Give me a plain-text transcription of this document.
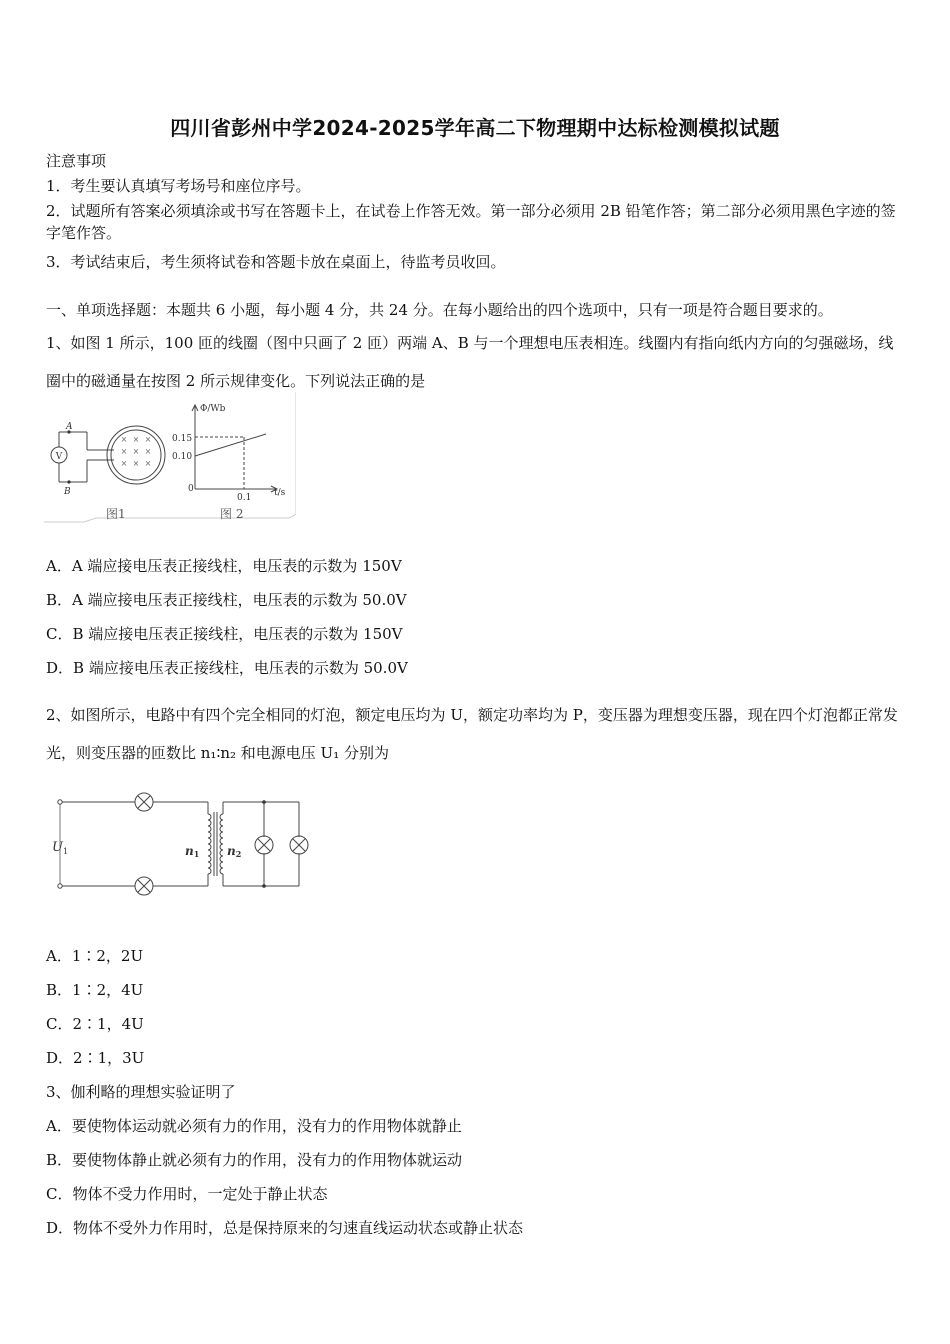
四川省彭州中学2024-2025学年高二下物理期中达标检测模拟试题
注意事项
1．考生要认真填写考场号和座位序号。
2．试题所有答案必须填涂或书写在答题卡上，在试卷上作答无效。第一部分必须用 2B 铅笔作答；第二部分必须用黑色字迹的签字笔作答。
3．考试结束后，考生须将试卷和答题卡放在桌面上，待监考员收回。
一、单项选择题：本题共 6 小题，每小题 4 分，共 24 分。在每小题给出的四个选项中，只有一项是符合题目要求的。
1、如图 1 所示，100 匝的线圈（图中只画了 2 匝）两端 A、B 与一个理想电压表相连。线圈内有指向纸内方向的匀强磁场，线圈中的磁通量在按图 2 所示规律变化。下列说法正确的是
× × ×
× × ×
× × ×
A
B
V
Φ/Wb
t/s
0.15
0.10
0.1
0
图1	图 2
A．A 端应接电压表正接线柱，电压表的示数为 150V
B．A 端应接电压表正接线柱，电压表的示数为 50.0V
C．B 端应接电压表正接线柱，电压表的示数为 150V
D．B 端应接电压表正接线柱，电压表的示数为 50.0V
2、如图所示，电路中有四个完全相同的灯泡，额定电压均为 U，额定功率均为 P，变压器为理想变压器，现在四个灯泡都正常发光，则变压器的匝数比 n₁∶n₂ 和电源电压 U₁ 分别为
$U_1$	n1 n2
A．1∶2，2U
B．1∶2，4U
C．2∶1，4U
D．2∶1，3U
3、伽利略的理想实验证明了
A．要使物体运动就必须有力的作用，没有力的作用物体就静止
B．要使物体静止就必须有力的作用，没有力的作用物体就运动
C．物体不受力作用时，一定处于静止状态
D．物体不受外力作用时，总是保持原来的匀速直线运动状态或静止状态
